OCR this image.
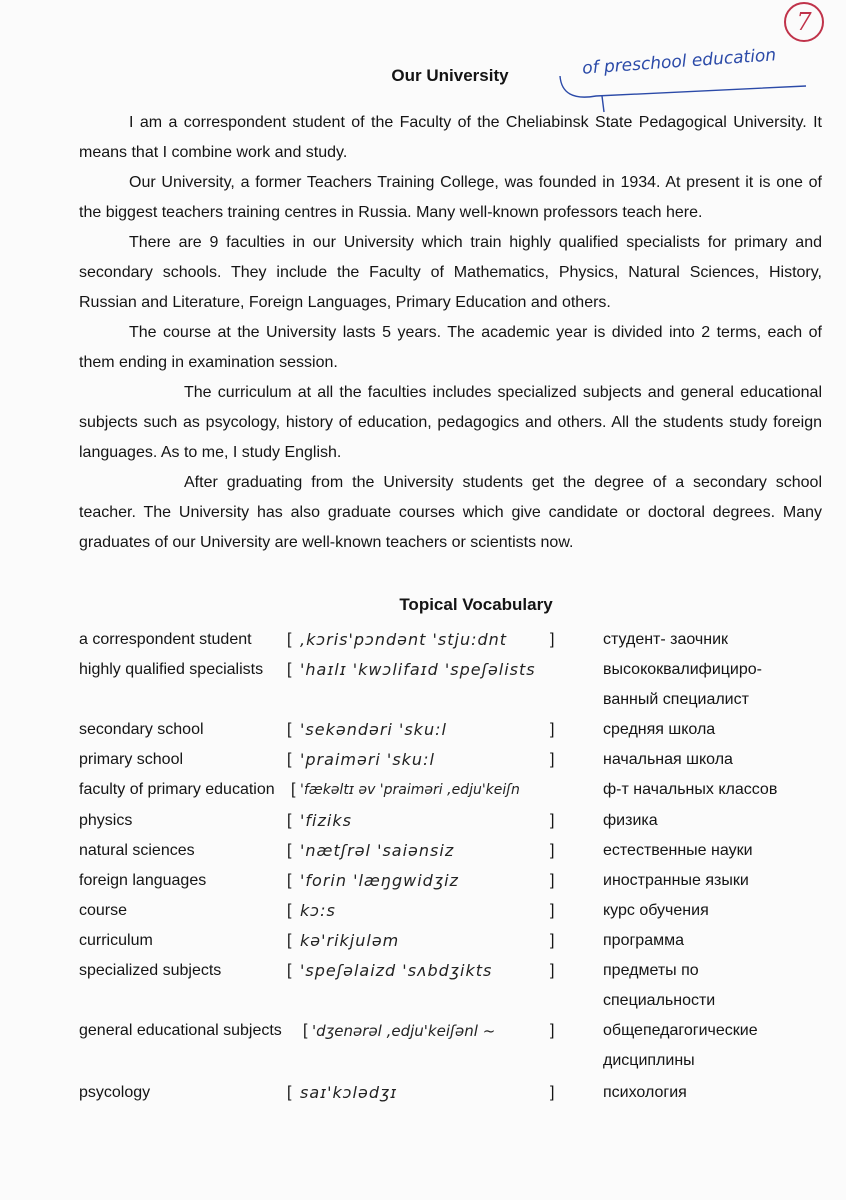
7
of preschool education
Our University

I am a correspondent student of the Faculty of the Cheliabinsk State Pedagogical University. It means that I combine work and study.

Our University, a former Teachers Training College, was founded in 1934. At present it is one of the biggest teachers training centres in Russia. Many well-known professors teach here.

There are 9 faculties in our University which train highly qualified specialists for primary and secondary schools. They include the Faculty of Mathematics, Physics, Natural Sciences, History, Russian and Literature, Foreign Languages, Primary Education and others.

The course at the University lasts 5 years. The academic year is divided into 2 terms, each of them ending in examination session.

The curriculum at all the faculties includes specialized subjects and general educational subjects such as psycology, history of education, pedagogics and others. All the students study foreign languages. As to me, I study English.

After graduating from the University students get the degree of a secondary school teacher. The University has also graduate courses which give candidate or doctoral degrees. Many graduates of our University are well-known teachers or scientists now.

Topical Vocabulary
a correspondent student [ ,kɔris'pɔndənt 'stju:dnt	]	студент- заочник
highly qualified specialists [ 'haɪlɪ 'kwɔlifaɪd 'speʃəlists	высококвалифициро-
ванный специалист
secondary school	[ 'sekəndəri 'sku:l	]	средняя школа
primary school	[ 'praimәri 'sku:l	]	начальная школа
faculty of primary education [ 'fækəltɪ əv 'praimәri ,edju'keiʃn	ф-т начальных классов
physics	[ 'fiziks	]	физика
natural sciences	[ 'nætʃrəl 'saiənsiz	]	естественные науки
foreign languages	[ 'forin 'læŋgwidʒiz	]	иностранные языки
course	[ kɔ:s	]	курс обучения
curriculum	[ kə'rikjuləm	]	программа
specialized subjects	[ 'speʃəlaizd 'sʌbdʒikts	]	предметы по
специальности
general educational subjects [ 'dʒenərəl ,edju'keiʃənl ~	]	общепедагогические
дисциплины
psycology	[ saɪ'kɔlədʒɪ	]	психология
